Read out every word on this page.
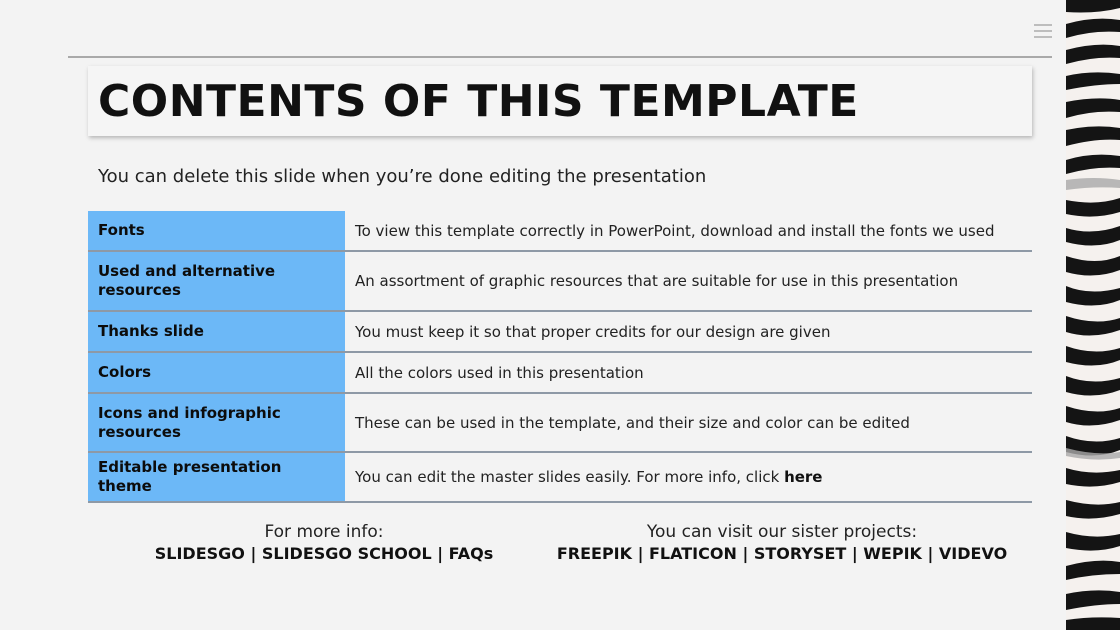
CONTENTS OF THIS TEMPLATE
You can delete this slide when you’re done editing the presentation
Fonts	To view this template correctly in PowerPoint, download and install the fonts we used
Used and alternative resources	An assortment of graphic resources that are suitable for use in this presentation
Thanks slide	You must keep it so that proper credits for our design are given
Colors	All the colors used in this presentation
Icons and infographic resources	These can be used in the template, and their size and color can be edited
Editable presentation theme	You can edit the master slides easily. For more info, click here
For more info:
SLIDESGO | SLIDESGO SCHOOL | FAQs
You can visit our sister projects:
FREEPIK | FLATICON | STORYSET | WEPIK | VIDEVO
